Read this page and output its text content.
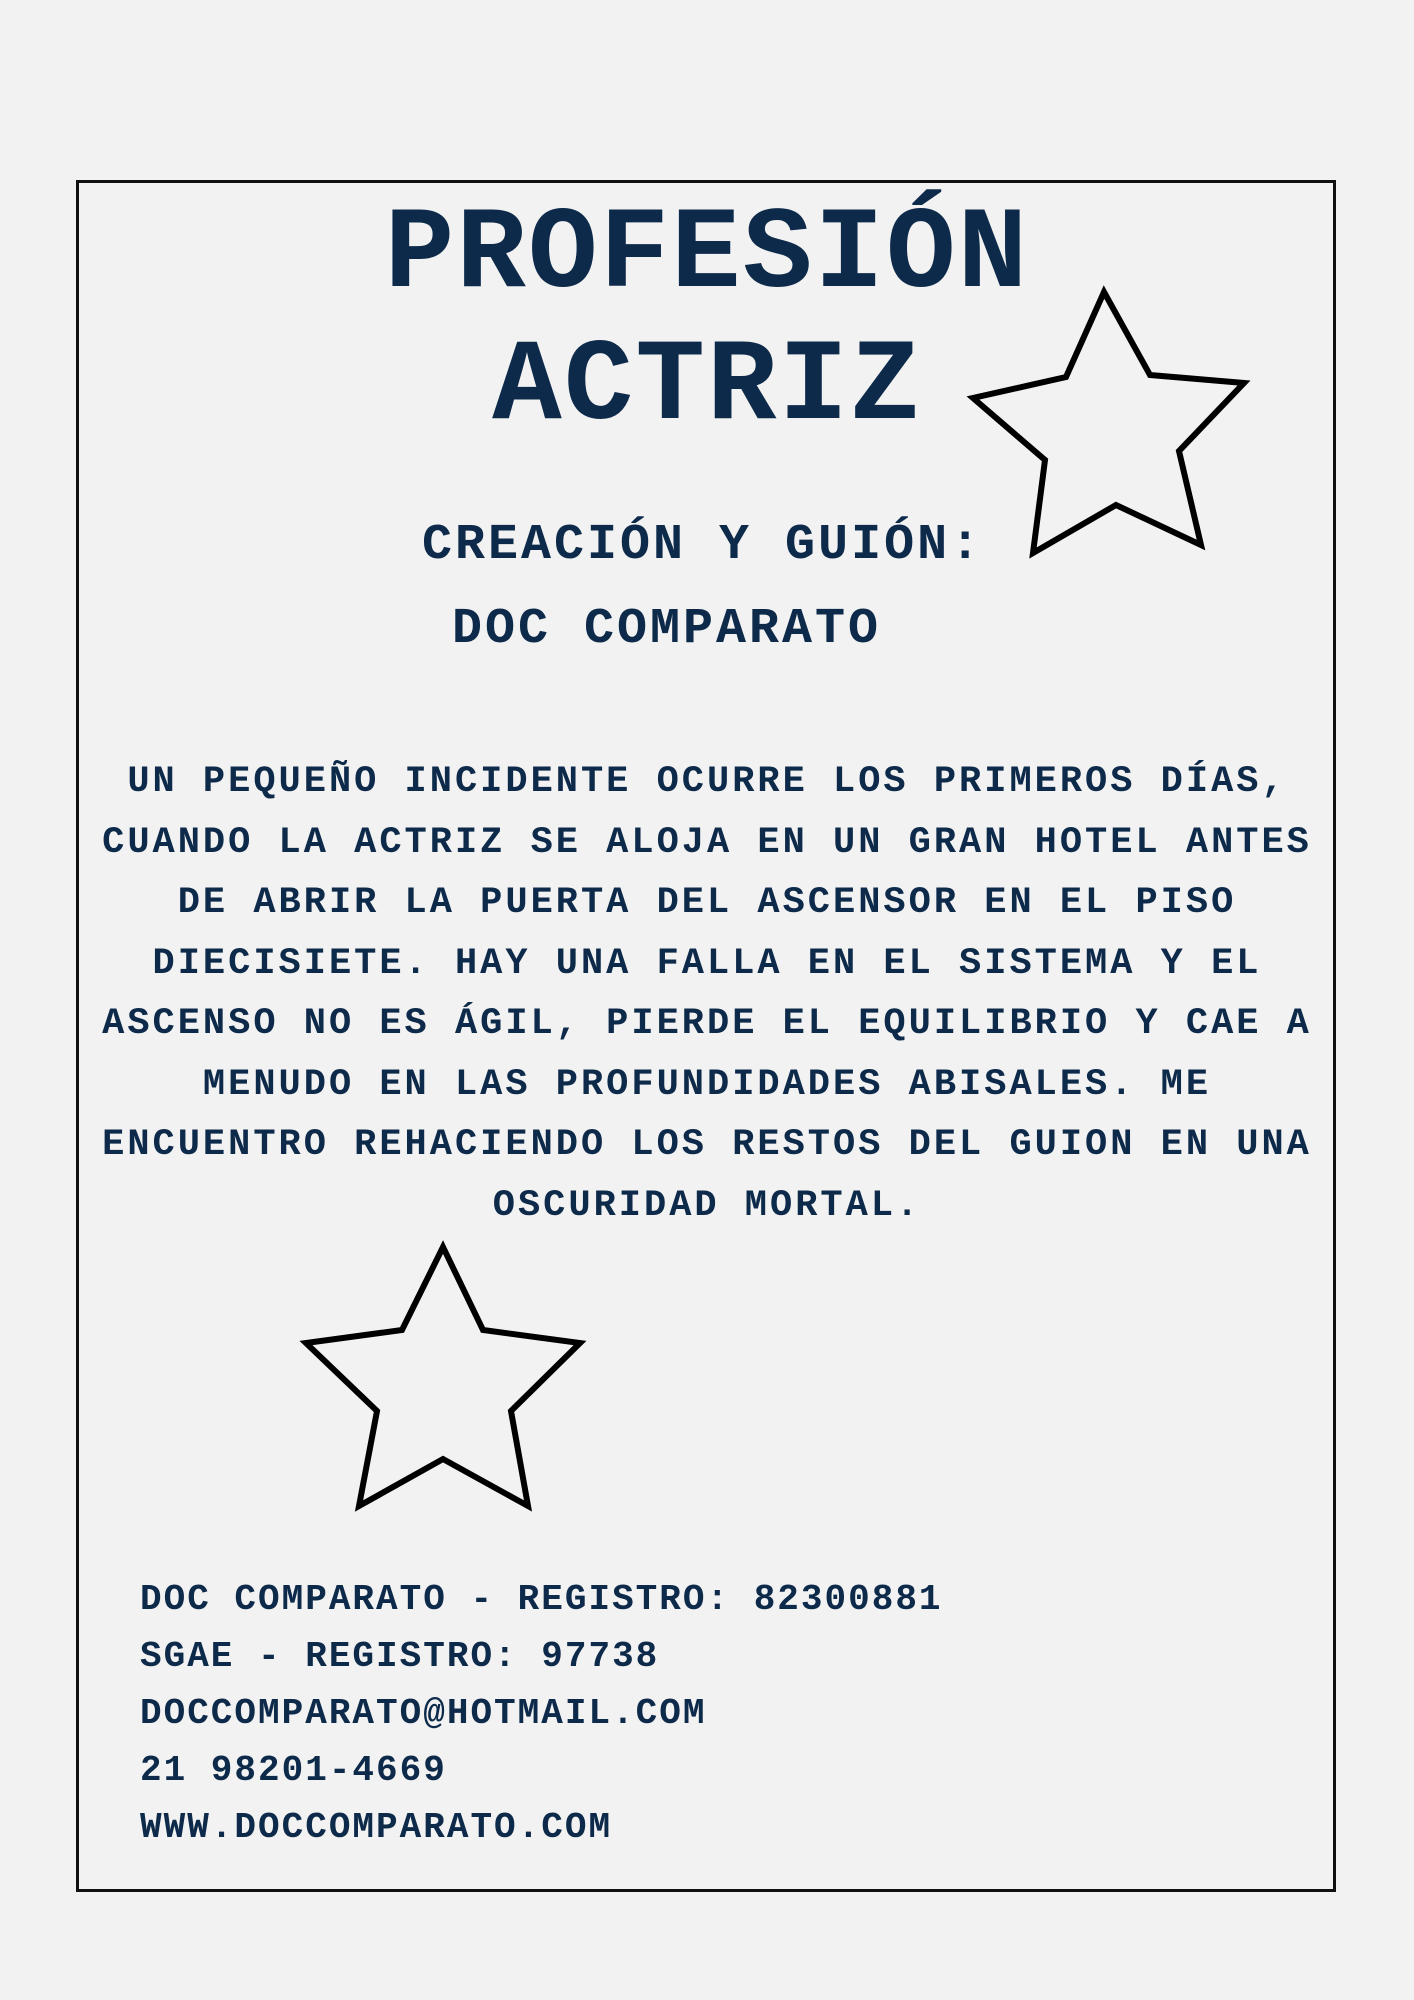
PROFESIÓN
ACTRIZ
CREACIÓN Y GUIÓN:
DOC COMPARATO

UN PEQUEÑO INCIDENTE OCURRE LOS PRIMEROS DÍAS, CUANDO LA ACTRIZ SE ALOJA EN UN GRAN HOTEL ANTES DE ABRIR LA PUERTA DEL ASCENSOR EN EL PISO DIECISIETE. HAY UNA FALLA EN EL SISTEMA Y EL ASCENSO NO ES ÁGIL, PIERDE EL EQUILIBRIO Y CAE A MENUDO EN LAS PROFUNDIDADES ABISALES. ME ENCUENTRO REHACIENDO LOS RESTOS DEL GUION EN UNA OSCURIDAD MORTAL.

DOC COMPARATO - REGISTRO: 82300881
SGAE - REGISTRO: 97738
DOCCOMPARATO@HOTMAIL.COM
21 98201-4669
WWW.DOCCOMPARATO.COM
